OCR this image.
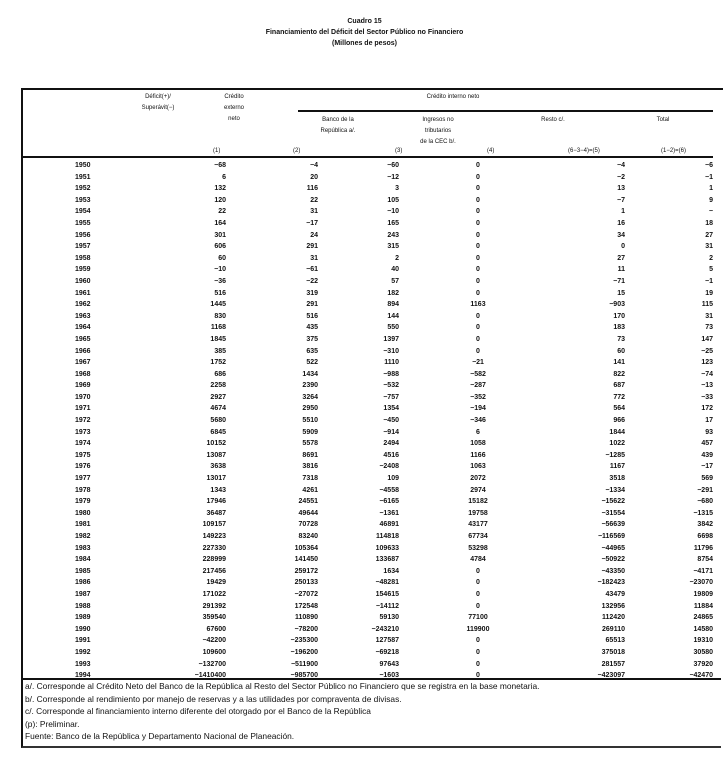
Cuadro 15
Financiamiento del Déficit del Sector Público no Financiero
(Millones de pesos)
Déficit(+)/
Superávit(−)
Crédito
externo
neto
Crédito interno neto
Banco de la
República a/.
Ingresos no
tributarios
de la CEC b/.
Resto c/.	Total
(1)	(2)	(3)	(4)	(6−3−4)=(5)	(1−2)=(6)
1950	−68	−4	−60	0	−4	−6
1951	6	20	−12	0	−2	−1
1952	132	116	3	0	13	1
1953	120	22	105	0	−7	9
1954	22	31	−10	0	1	−
1955	164	−17	165	0	16	18
1956	301	24	243	0	34	27
1957	606	291	315	0	0	31
1958	60	31	2	0	27	2
1959	−10	−61	40	0	11	5
1960	−36	−22	57	0	−71	−1
1961	516	319	182	0	15	19
1962	1445	291	894	1163	−903	115
1963	830	516	144	0	170	31
1964	1168	435	550	0	183	73
1965	1845	375	1397	0	73	147
1966	385	635	−310	0	60	−25
1967	1752	522	1110	−21	141	123
1968	686	1434	−988	−582	822	−74
1969	2258	2390	−532	−287	687	−13
1970	2927	3264	−757	−352	772	−33
1971	4674	2950	1354	−194	564	172
1972	5680	5510	−450	−346	966	17
1973	6845	5909	−914	6	1844	93
1974	10152	5578	2494	1058	1022	457
1975	13087	8691	4516	1166	−1285	439
1976	3638	3816	−2408	1063	1167	−17
1977	13017	7318	109	2072	3518	569
1978	1343	4261	−4558	2974	−1334	−291
1979	17946	24551	−6165	15182	−15622	−680
1980	36487	49644	−1361	19758	−31554	−1315
1981	109157	70728	46891	43177	−56639	3842
1982	149223	83240	114818	67734	−116569	6698
1983	227330	105364	109633	53298	−44965	11796
1984	228999	141450	133687	4784	−50922	8754
1985	217456	259172	1634	0	−43350	−4171
1986	19429	250133	−48281	0	−182423	−23070
1987	171022	−27072	154615	0	43479	19809
1988	291392	172548	−14112	0	132956	11884
1989	359540	110890	59130	77100	112420	24865
1990	67600	−78200	−243210	119900	269110	14580
1991	−42200	−235300	127587	0	65513	19310
1992	109600	−196200	−69218	0	375018	30580
1993	−132700	−511900	97643	0	281557	37920
1994	−1410400	−985700	−1603	0	−423097	−42470
a/. Corresponde al Crédito Neto del Banco de la República al Resto del Sector Público no Financiero que se registra en la base monetaria.
b/. Corresponde al rendimiento por manejo de reservas y a las utilidades por compraventa de divisas.
c/. Corresponde al financiamiento interno diferente del otorgado por el Banco de la República
(p): Preliminar.
Fuente: Banco de la República y Departamento Nacional de Planeación.
